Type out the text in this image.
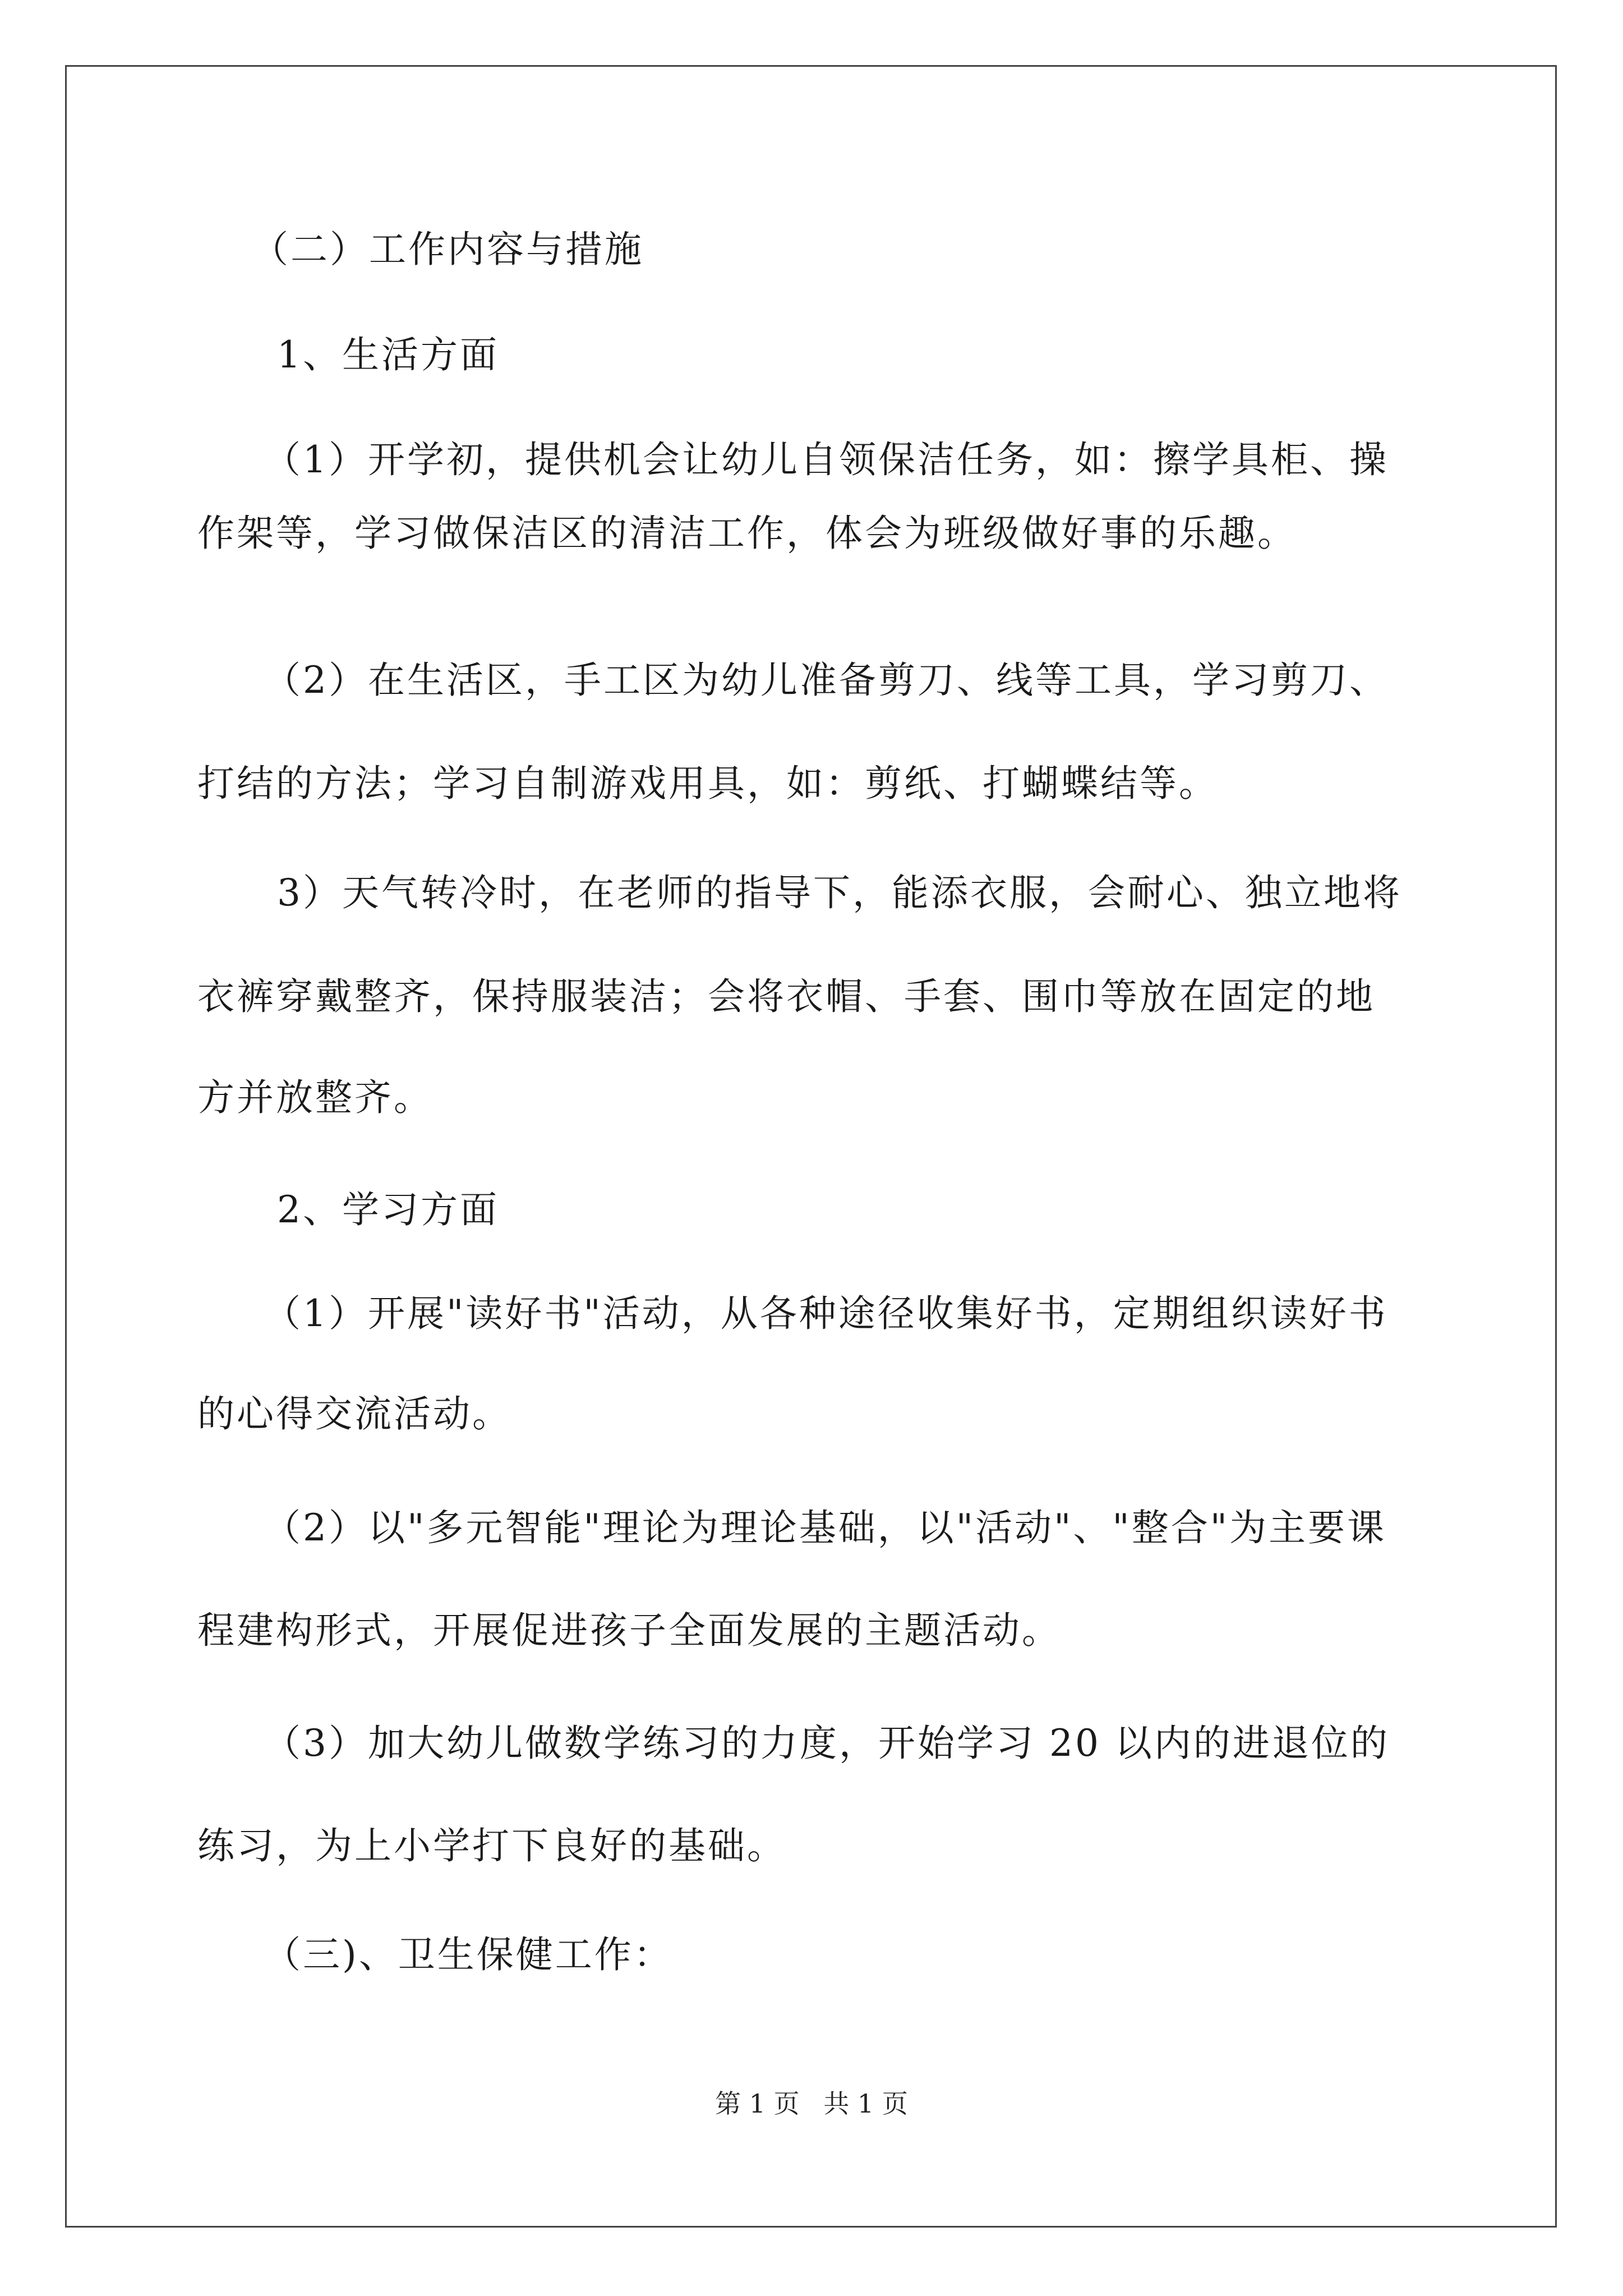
（二）工作内容与措施
1、生活方面
（1）开学初，提供机会让幼儿自领保洁任务，如：擦学具柜、操
作架等，学习做保洁区的清洁工作，体会为班级做好事的乐趣。
（2）在生活区，手工区为幼儿准备剪刀、线等工具，学习剪刀、
打结的方法；学习自制游戏用具，如：剪纸、打蝴蝶结等。
3）天气转冷时，在老师的指导下，能添衣服，会耐心、独立地将
衣裤穿戴整齐，保持服装洁；会将衣帽、手套、围巾等放在固定的地
方并放整齐。
2、学习方面
（1）开展"读好书"活动，从各种途径收集好书，定期组织读好书
的心得交流活动。
（2）以"多元智能"理论为理论基础，以"活动"、"整合"为主要课
程建构形式，开展促进孩子全面发展的主题活动。
（3）加大幼儿做数学练习的力度，开始学习 20 以内的进退位的
练习，为上小学打下良好的基础。
（三)、卫生保健工作：
第 1 页 共 1 页
